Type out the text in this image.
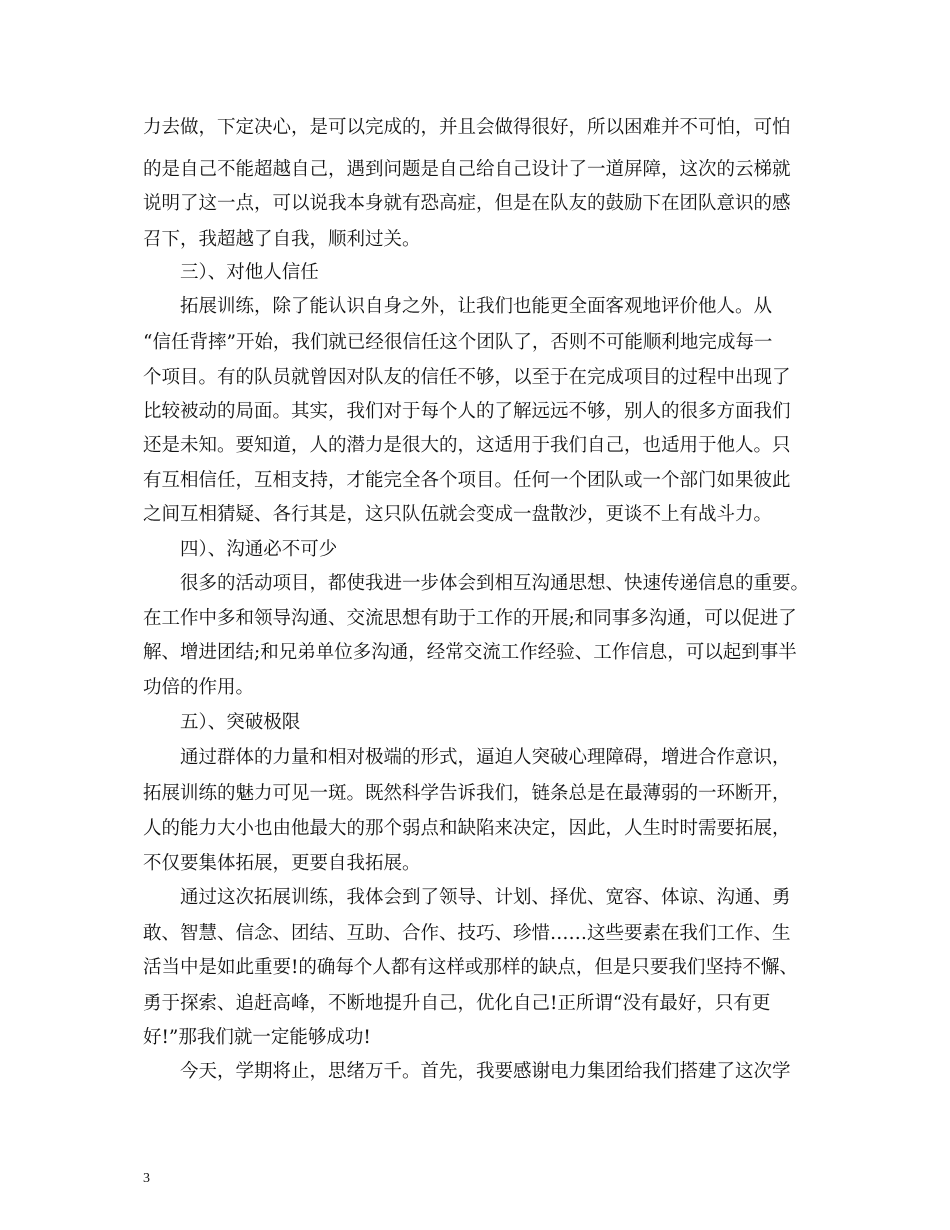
力去做，下定决心，是可以完成的，并且会做得很好，所以困难并不可怕，可怕
的是自己不能超越自己，遇到问题是自己给自己设计了一道屏障，这次的云梯就
说明了这一点，可以说我本身就有恐高症，但是在队友的鼓励下在团队意识的感
召下，我超越了自我，顺利过关。
三）、对他人信任
拓展训练，除了能认识自身之外，让我们也能更全面客观地评价他人。从
“信任背摔”开始，我们就已经很信任这个团队了，否则不可能顺利地完成每一
个项目。有的队员就曾因对队友的信任不够，以至于在完成项目的过程中出现了
比较被动的局面。其实，我们对于每个人的了解远远不够，别人的很多方面我们
还是未知。要知道，人的潜力是很大的，这适用于我们自己，也适用于他人。只
有互相信任，互相支持，才能完全各个项目。任何一个团队或一个部门如果彼此
之间互相猜疑、各行其是，这只队伍就会变成一盘散沙，更谈不上有战斗力。
四）、沟通必不可少
很多的活动项目，都使我进一步体会到相互沟通思想、快速传递信息的重要。
在工作中多和领导沟通、交流思想有助于工作的开展;和同事多沟通，可以促进了
解、增进团结;和兄弟单位多沟通，经常交流工作经验、工作信息，可以起到事半
功倍的作用。
五）、突破极限
通过群体的力量和相对极端的形式，逼迫人突破心理障碍，增进合作意识，
拓展训练的魅力可见一斑。既然科学告诉我们，链条总是在最薄弱的一环断开，
人的能力大小也由他最大的那个弱点和缺陷来决定，因此，人生时时需要拓展，
不仅要集体拓展，更要自我拓展。
通过这次拓展训练，我体会到了领导、计划、择优、宽容、体谅、沟通、勇
敢、智慧、信念、团结、互助、合作、技巧、珍惜……这些要素在我们工作、生
活当中是如此重要!的确每个人都有这样或那样的缺点，但是只要我们坚持不懈、
勇于探索、追赶高峰，不断地提升自己，优化自己!正所谓“没有最好，只有更
好!”那我们就一定能够成功!
今天，学期将止，思绪万千。首先，我要感谢电力集团给我们搭建了这次学
3
